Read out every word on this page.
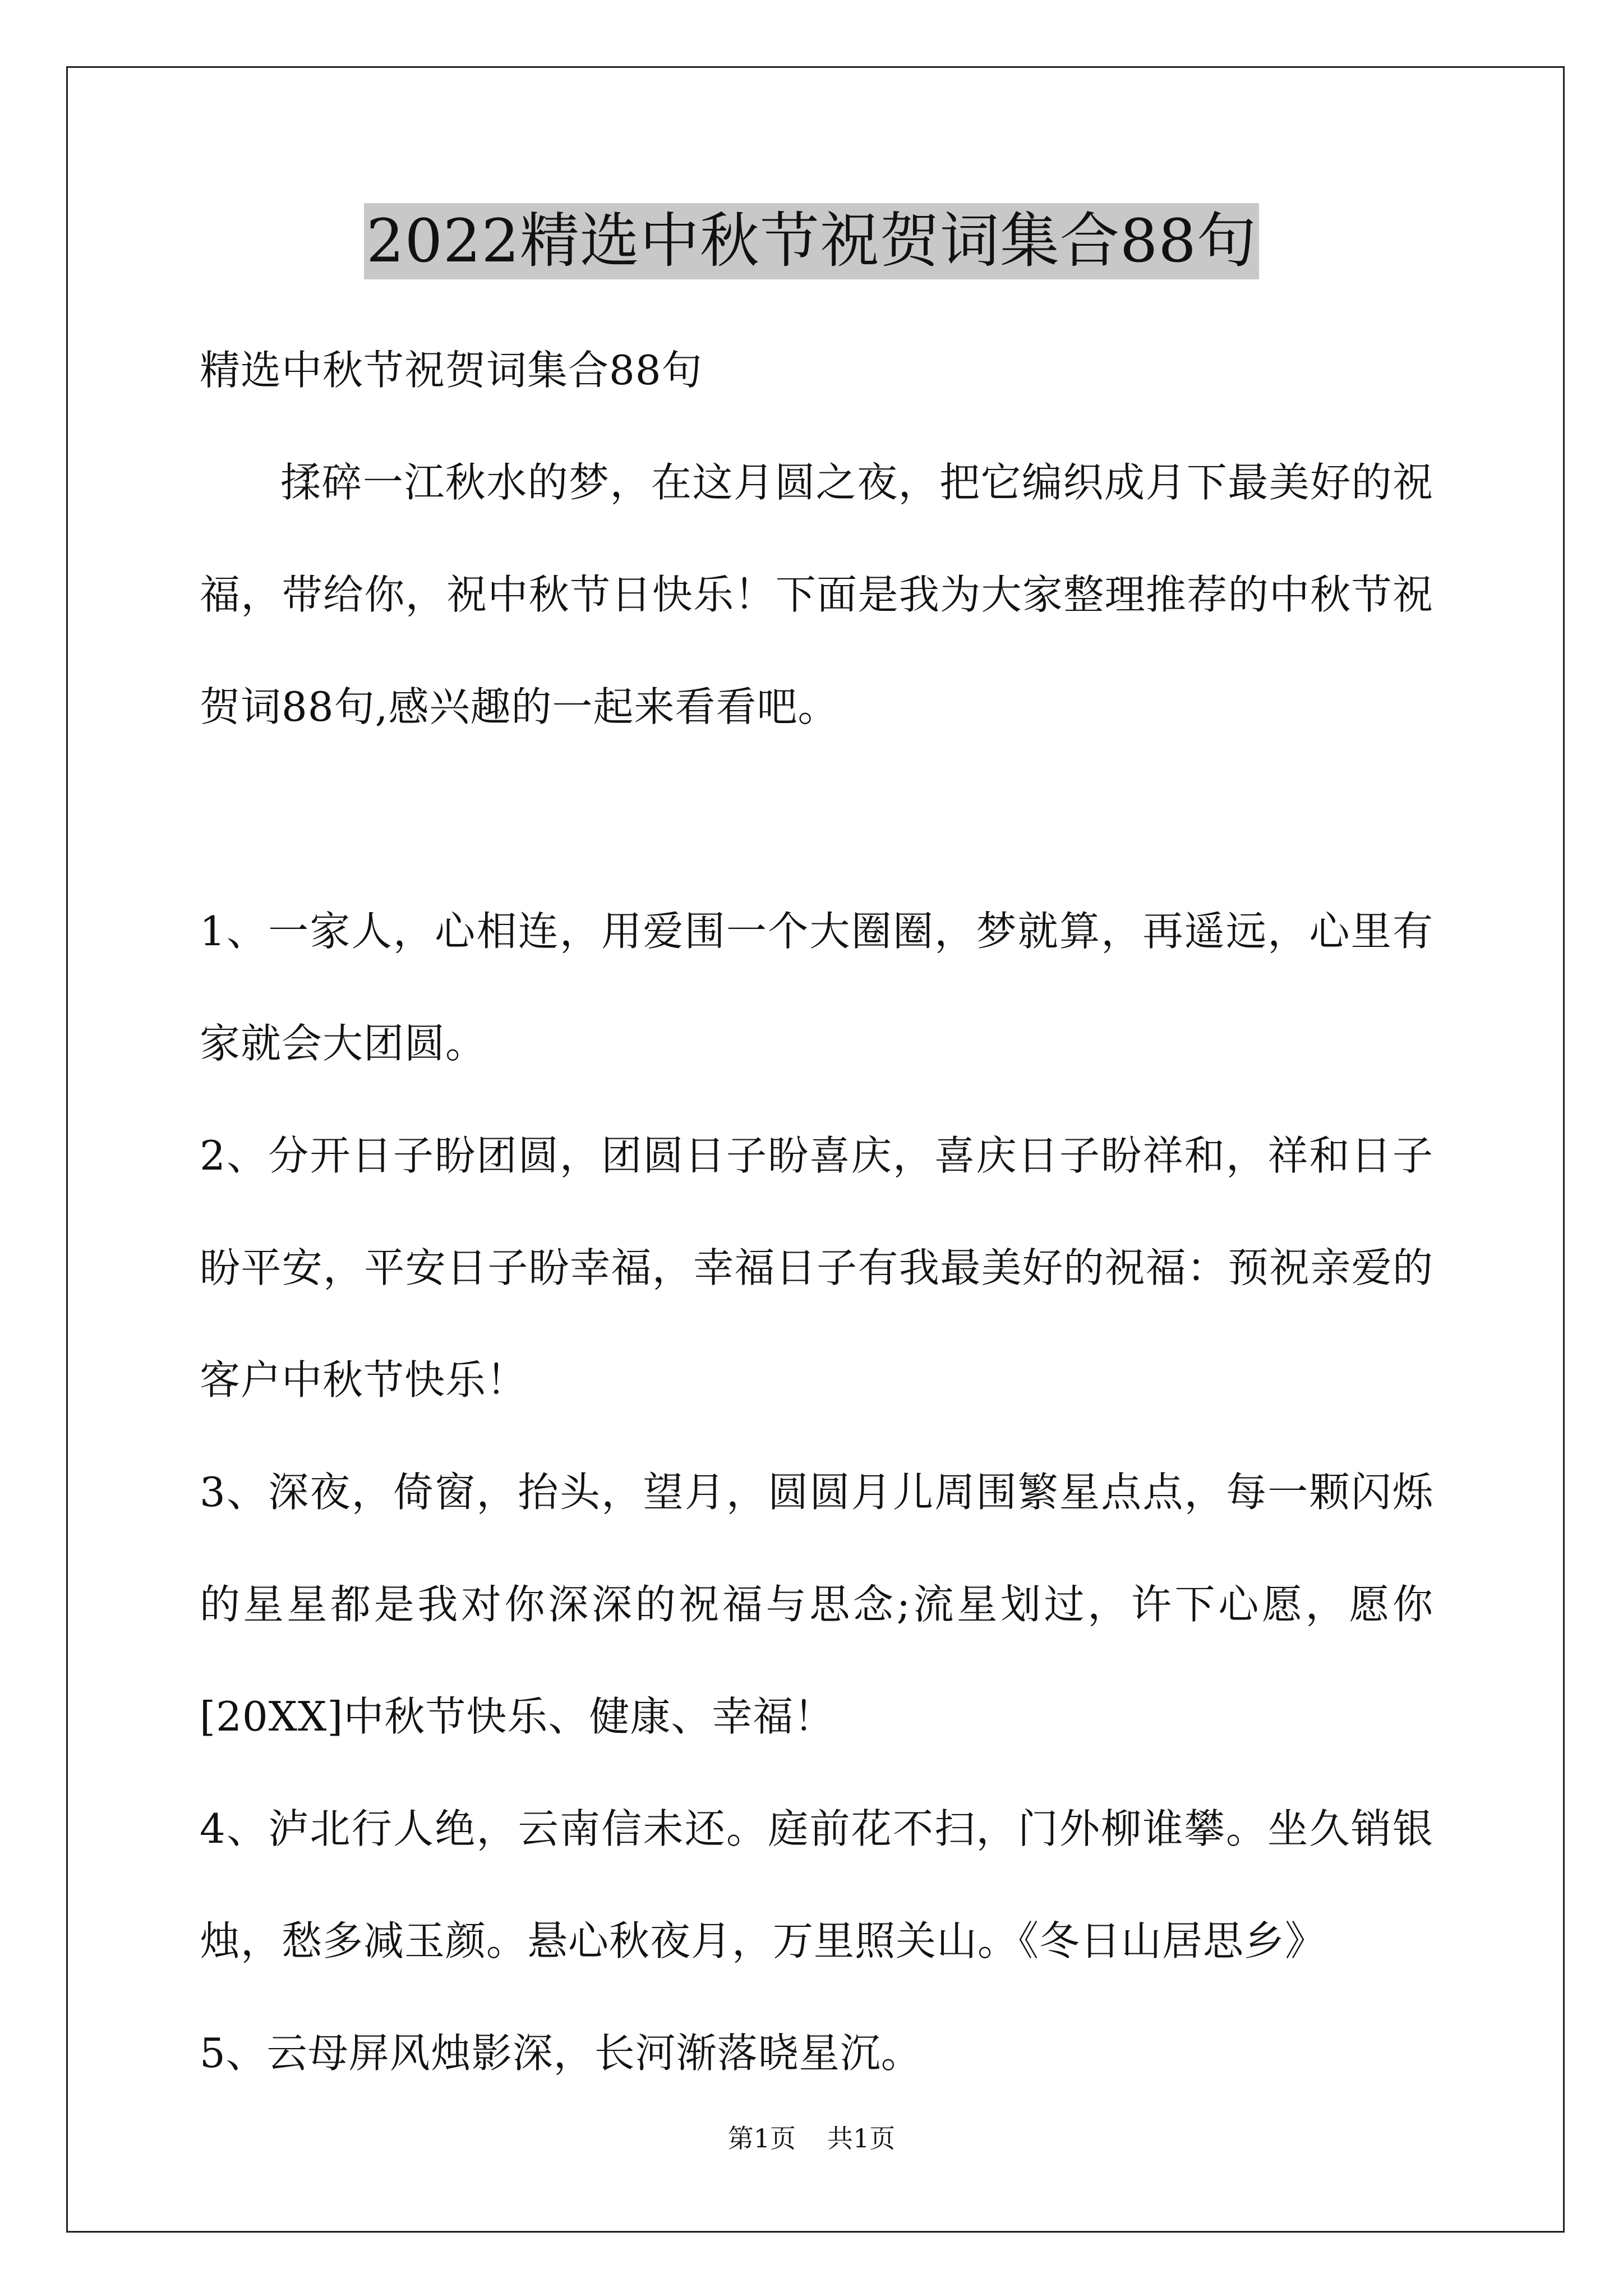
2022精选中秋节祝贺词集合88句

精选中秋节祝贺词集合88句

揉碎一江秋水的梦，在这月圆之夜，把它编织成月下最美好的祝福，带给你，祝中秋节日快乐！下面是我为大家整理推荐的中秋节祝贺词88句,感兴趣的一起来看看吧。

1、一家人，心相连，用爱围一个大圈圈，梦就算，再遥远，心里有家就会大团圆。

2、分开日子盼团圆，团圆日子盼喜庆，喜庆日子盼祥和，祥和日子盼平安，平安日子盼幸福，幸福日子有我最美好的祝福：预祝亲爱的客户中秋节快乐！

3、深夜，倚窗，抬头，望月，圆圆月儿周围繁星点点，每一颗闪烁的星星都是我对你深深的祝福与思念;流星划过，许下心愿，愿你[20XX]中秋节快乐、健康、幸福！

4、泸北行人绝，云南信未还。庭前花不扫，门外柳谁攀。坐久销银烛，愁多减玉颜。悬心秋夜月，万里照关山。《冬日山居思乡》

5、云母屏风烛影深，长河渐落晓星沉。

第1页 共1页
